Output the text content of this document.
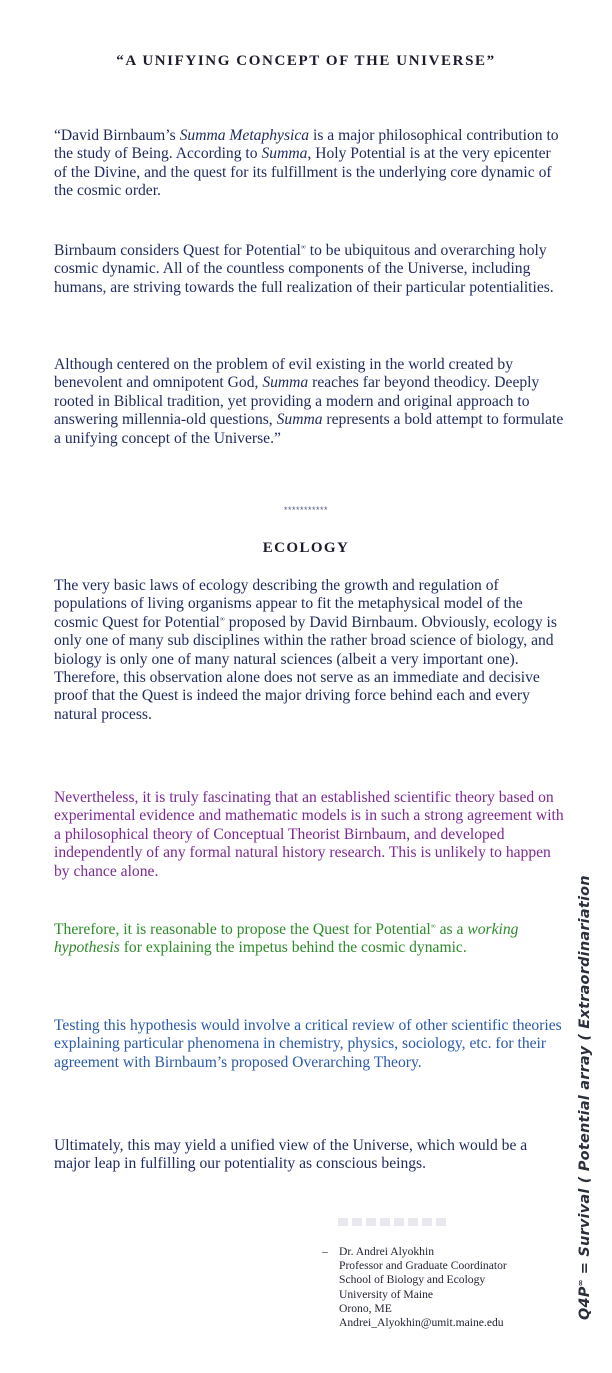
“A UNIFYING CONCEPT OF THE UNIVERSE”

“David Birnbaum’s Summa Metaphysica is a major philosophical contribution to the study of Being. According to Summa, Holy Potential is at the very epicenter of the Divine, and the quest for its fulfillment is the underlying core dynamic of the cosmic order.

Birnbaum considers Quest for Potential∞ to be ubiquitous and overarching holy cosmic dynamic. All of the countless components of the Universe, including humans, are striving towards the full realization of their particular potentialities.

Although centered on the problem of evil existing in the world created by benevolent and omnipotent God, Summa reaches far beyond theodicy. Deeply rooted in Biblical tradition, yet providing a modern and original approach to answering millennia-old questions, Summa represents a bold attempt to formulate a unifying concept of the Universe.”

***********
ECOLOGY

The very basic laws of ecology describing the growth and regulation of populations of living organisms appear to fit the metaphysical model of the cosmic Quest for Potential∞ proposed by David Birnbaum. Obviously, ecology is only one of many sub disciplines within the rather broad science of biology, and biology is only one of many natural sciences (albeit a very important one). Therefore, this observation alone does not serve as an immediate and decisive proof that the Quest is indeed the major driving force behind each and every natural process.

Nevertheless, it is truly fascinating that an established scientific theory based on experimental evidence and mathematic models is in such a strong agreement with a philosophical theory of Conceptual Theorist Birnbaum, and developed independently of any formal natural history research. This is unlikely to happen by chance alone.

Therefore, it is reasonable to propose the Quest for Potential∞ as a working hypothesis for explaining the impetus behind the cosmic dynamic.

Testing this hypothesis would involve a critical review of other scientific theories explaining particular phenomena in chemistry, physics, sociology, etc. for their agreement with Birnbaum’s proposed Overarching Theory.

Ultimately, this may yield a unified view of the Universe, which would be a major leap in fulfilling our potentiality as conscious beings.

– Dr. Andrei Alyokhin
Professor and Graduate Coordinator
School of Biology and Ecology
University of Maine
Orono, ME
Andrei_Alyokhin@umit.maine.edu
Q4P∞ = Survival ( Potential array ( Extraordinariation
